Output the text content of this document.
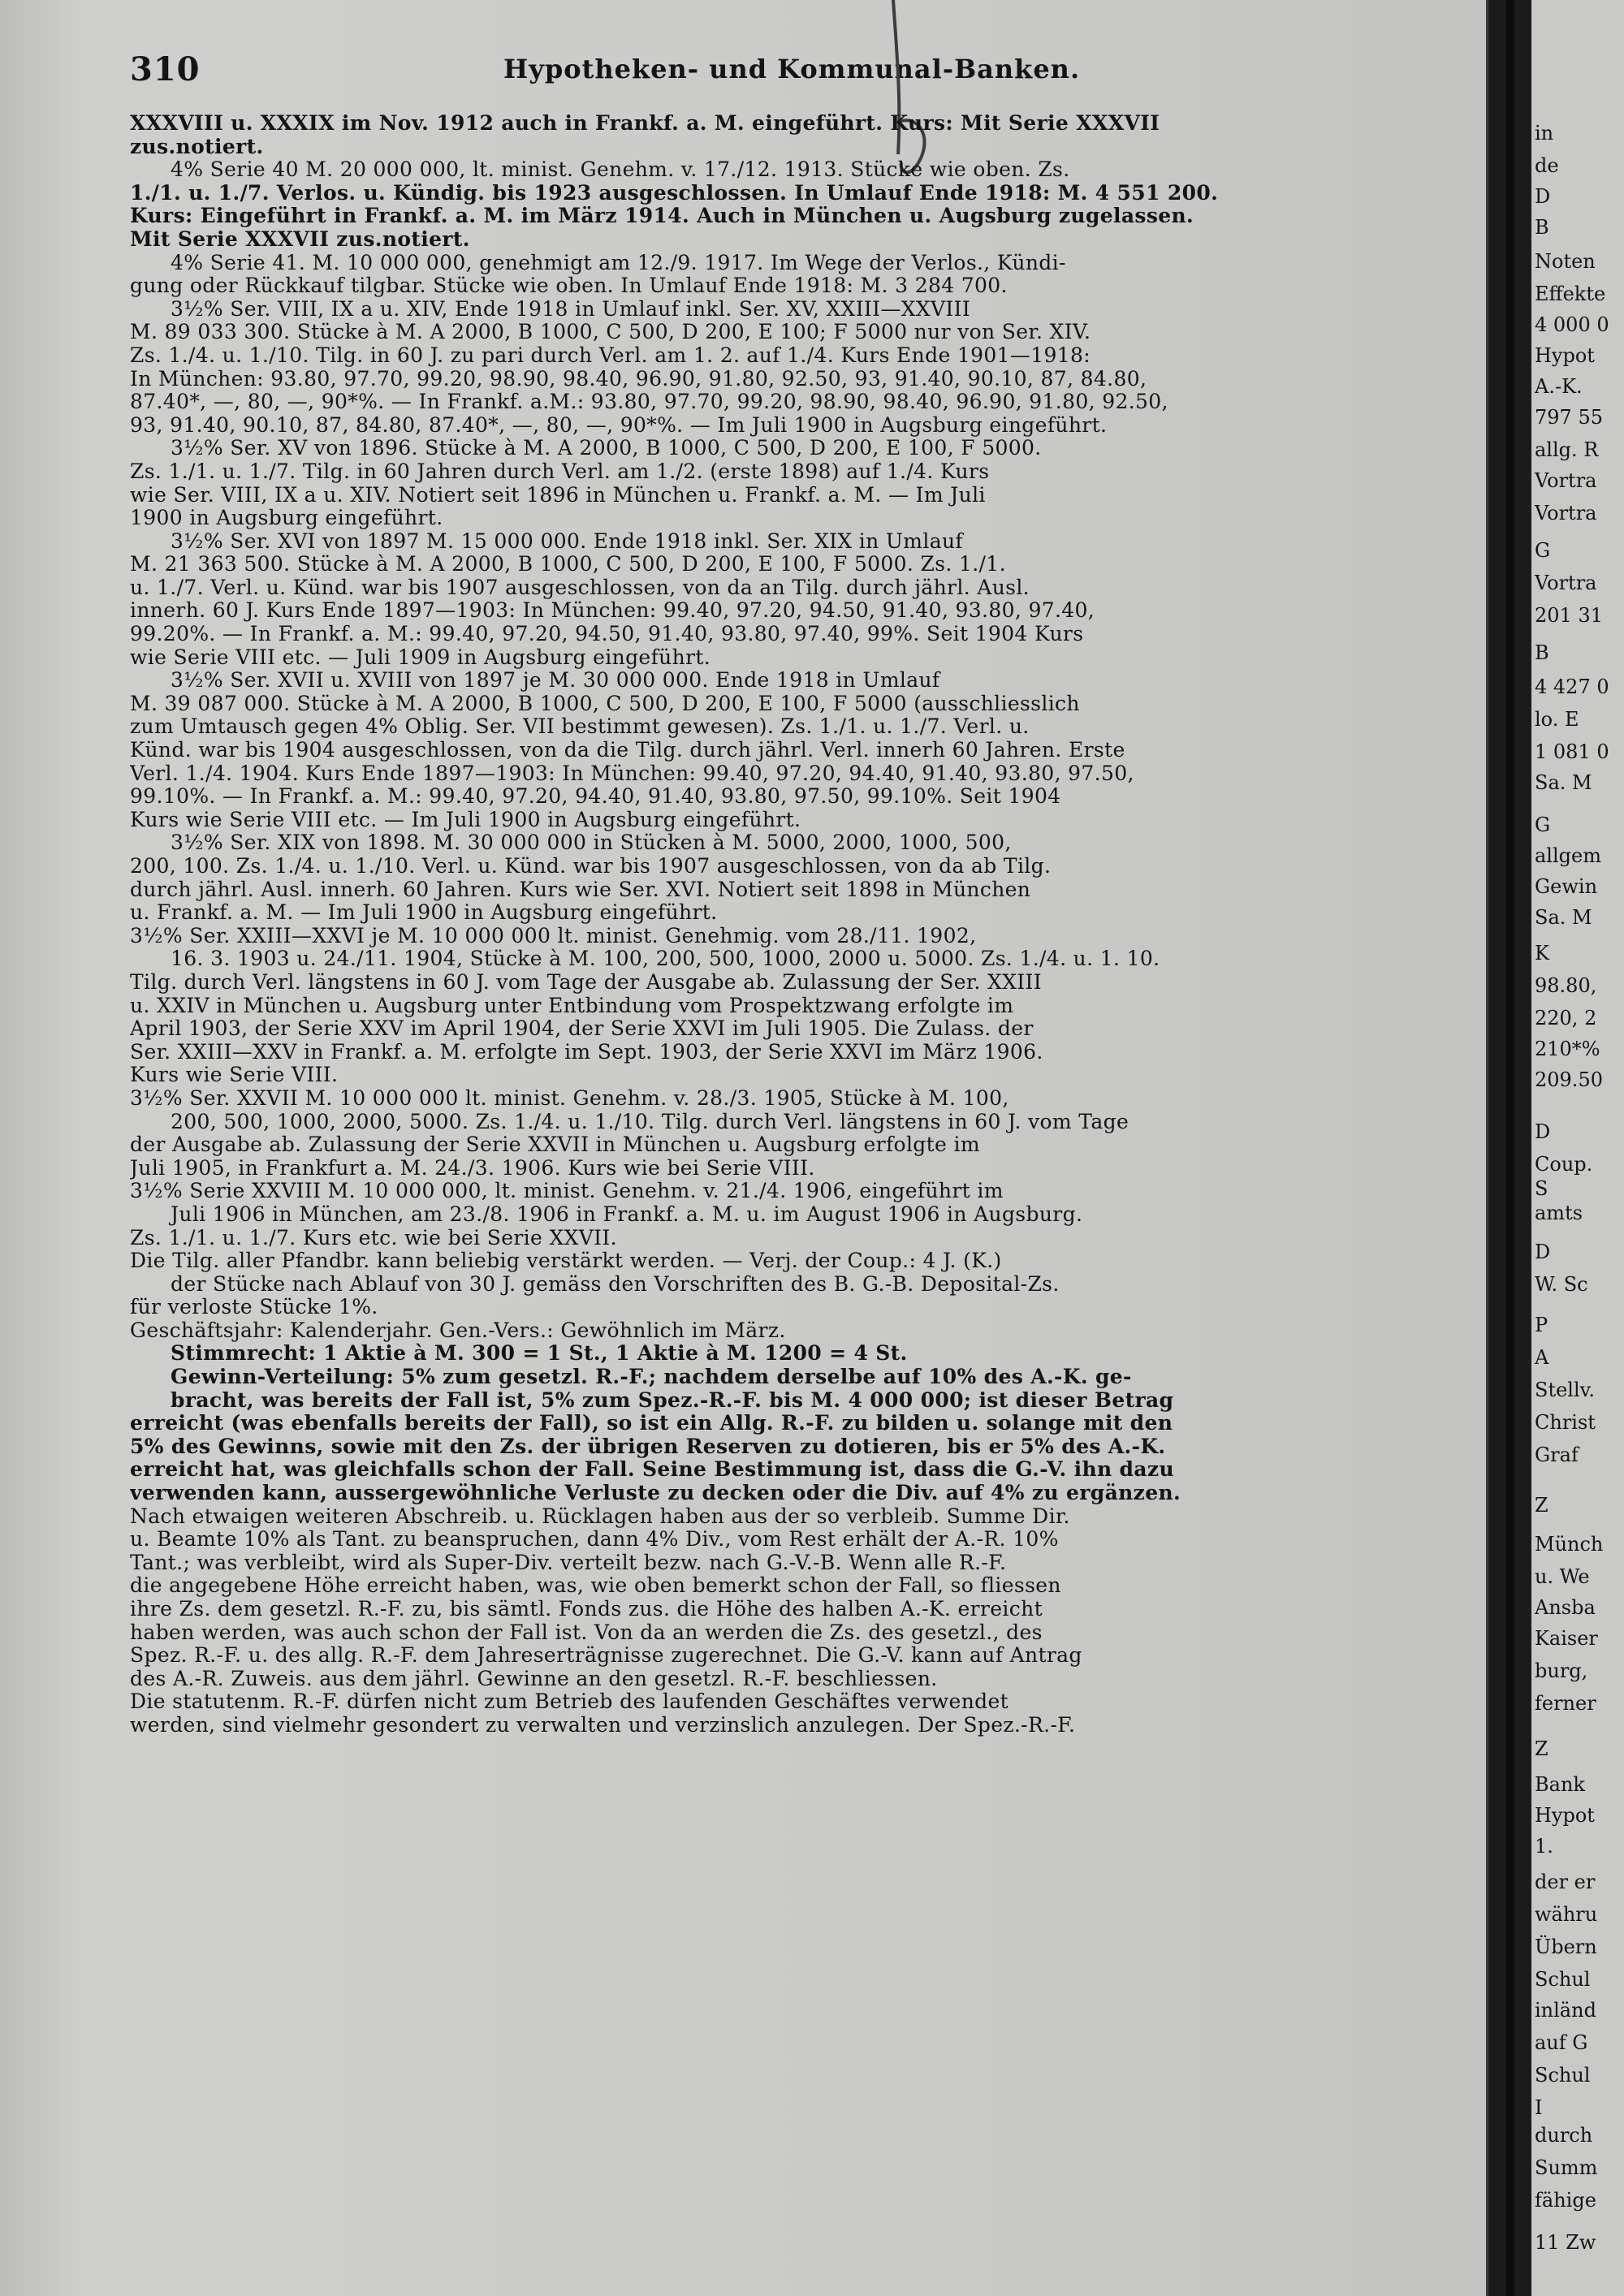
310	Hypotheken- und Kommunal-Banken.
XXXVIII u. XXXIX im Nov. 1912 auch in Frankf. a. M. eingeführt. Kurs: Mit Serie XXXVII
zus.notiert.
4% Serie 40 M. 20 000 000, lt. minist. Genehm. v. 17./12. 1913. Stücke wie oben. Zs.
1./1. u. 1./7. Verlos. u. Kündig. bis 1923 ausgeschlossen. In Umlauf Ende 1918: M. 4 551 200.
Kurs: Eingeführt in Frankf. a. M. im März 1914. Auch in München u. Augsburg zugelassen.
Mit Serie XXXVII zus.notiert.
4% Serie 41. M. 10 000 000, genehmigt am 12./9. 1917. Im Wege der Verlos., Kündi-
gung oder Rückkauf tilgbar. Stücke wie oben. In Umlauf Ende 1918: M. 3 284 700.
3½% Ser. VIII, IX a u. XIV, Ende 1918 in Umlauf inkl. Ser. XV, XXIII—XXVIII
M. 89 033 300. Stücke à M. A 2000, B 1000, C 500, D 200, E 100; F 5000 nur von Ser. XIV.
Zs. 1./4. u. 1./10. Tilg. in 60 J. zu pari durch Verl. am 1. 2. auf 1./4. Kurs Ende 1901—1918:
In München: 93.80, 97.70, 99.20, 98.90, 98.40, 96.90, 91.80, 92.50, 93, 91.40, 90.10, 87, 84.80,
87.40*, —, 80, —, 90*%. — In Frankf. a.M.: 93.80, 97.70, 99.20, 98.90, 98.40, 96.90, 91.80, 92.50,
93, 91.40, 90.10, 87, 84.80, 87.40*, —, 80, —, 90*%. — Im Juli 1900 in Augsburg eingeführt.
3½% Ser. XV von 1896. Stücke à M. A 2000, B 1000, C 500, D 200, E 100, F 5000.
Zs. 1./1. u. 1./7. Tilg. in 60 Jahren durch Verl. am 1./2. (erste 1898) auf 1./4. Kurs
wie Ser. VIII, IX a u. XIV. Notiert seit 1896 in München u. Frankf. a. M. — Im Juli
1900 in Augsburg eingeführt.
3½% Ser. XVI von 1897 M. 15 000 000. Ende 1918 inkl. Ser. XIX in Umlauf
M. 21 363 500. Stücke à M. A 2000, B 1000, C 500, D 200, E 100, F 5000. Zs. 1./1.
u. 1./7. Verl. u. Künd. war bis 1907 ausgeschlossen, von da an Tilg. durch jährl. Ausl.
innerh. 60 J. Kurs Ende 1897—1903: In München: 99.40, 97.20, 94.50, 91.40, 93.80, 97.40,
99.20%. — In Frankf. a. M.: 99.40, 97.20, 94.50, 91.40, 93.80, 97.40, 99%. Seit 1904 Kurs
wie Serie VIII etc. — Juli 1909 in Augsburg eingeführt.
3½% Ser. XVII u. XVIII von 1897 je M. 30 000 000. Ende 1918 in Umlauf
M. 39 087 000. Stücke à M. A 2000, B 1000, C 500, D 200, E 100, F 5000 (ausschliesslich
zum Umtausch gegen 4% Oblig. Ser. VII bestimmt gewesen). Zs. 1./1. u. 1./7. Verl. u.
Künd. war bis 1904 ausgeschlossen, von da die Tilg. durch jährl. Verl. innerh 60 Jahren. Erste
Verl. 1./4. 1904. Kurs Ende 1897—1903: In München: 99.40, 97.20, 94.40, 91.40, 93.80, 97.50,
99.10%. — In Frankf. a. M.: 99.40, 97.20, 94.40, 91.40, 93.80, 97.50, 99.10%. Seit 1904
Kurs wie Serie VIII etc. — Im Juli 1900 in Augsburg eingeführt.
3½% Ser. XIX von 1898. M. 30 000 000 in Stücken à M. 5000, 2000, 1000, 500,
200, 100. Zs. 1./4. u. 1./10. Verl. u. Künd. war bis 1907 ausgeschlossen, von da ab Tilg.
durch jährl. Ausl. innerh. 60 Jahren. Kurs wie Ser. XVI. Notiert seit 1898 in München
u. Frankf. a. M. — Im Juli 1900 in Augsburg eingeführt.
3½% Ser. XXIII—XXVI je M. 10 000 000 lt. minist. Genehmig. vom 28./11. 1902,
16. 3. 1903 u. 24./11. 1904, Stücke à M. 100, 200, 500, 1000, 2000 u. 5000. Zs. 1./4. u. 1. 10.
Tilg. durch Verl. längstens in 60 J. vom Tage der Ausgabe ab. Zulassung der Ser. XXIII
u. XXIV in München u. Augsburg unter Entbindung vom Prospektzwang erfolgte im
April 1903, der Serie XXV im April 1904, der Serie XXVI im Juli 1905. Die Zulass. der
Ser. XXIII—XXV in Frankf. a. M. erfolgte im Sept. 1903, der Serie XXVI im März 1906.
Kurs wie Serie VIII.
3½% Ser. XXVII M. 10 000 000 lt. minist. Genehm. v. 28./3. 1905, Stücke à M. 100,
200, 500, 1000, 2000, 5000. Zs. 1./4. u. 1./10. Tilg. durch Verl. längstens in 60 J. vom Tage
der Ausgabe ab. Zulassung der Serie XXVII in München u. Augsburg erfolgte im
Juli 1905, in Frankfurt a. M. 24./3. 1906. Kurs wie bei Serie VIII.
3½% Serie XXVIII M. 10 000 000, lt. minist. Genehm. v. 21./4. 1906, eingeführt im
Juli 1906 in München, am 23./8. 1906 in Frankf. a. M. u. im August 1906 in Augsburg.
Zs. 1./1. u. 1./7. Kurs etc. wie bei Serie XXVII.
Die Tilg. aller Pfandbr. kann beliebig verstärkt werden. — Verj. der Coup.: 4 J. (K.)
der Stücke nach Ablauf von 30 J. gemäss den Vorschriften des B. G.-B. Deposital-Zs.
für verloste Stücke 1%.
Geschäftsjahr: Kalenderjahr. Gen.-Vers.: Gewöhnlich im März.
Stimmrecht: 1 Aktie à M. 300 = 1 St., 1 Aktie à M. 1200 = 4 St.
Gewinn-Verteilung: 5% zum gesetzl. R.-F.; nachdem derselbe auf 10% des A.-K. ge-
bracht, was bereits der Fall ist, 5% zum Spez.-R.-F. bis M. 4 000 000; ist dieser Betrag
erreicht (was ebenfalls bereits der Fall), so ist ein Allg. R.-F. zu bilden u. solange mit den
5% des Gewinns, sowie mit den Zs. der übrigen Reserven zu dotieren, bis er 5% des A.-K.
erreicht hat, was gleichfalls schon der Fall. Seine Bestimmung ist, dass die G.-V. ihn dazu
verwenden kann, aussergewöhnliche Verluste zu decken oder die Div. auf 4% zu ergänzen.
Nach etwaigen weiteren Abschreib. u. Rücklagen haben aus der so verbleib. Summe Dir.
u. Beamte 10% als Tant. zu beanspruchen, dann 4% Div., vom Rest erhält der A.-R. 10%
Tant.; was verbleibt, wird als Super-Div. verteilt bezw. nach G.-V.-B. Wenn alle R.-F.
die angegebene Höhe erreicht haben, was, wie oben bemerkt schon der Fall, so fliessen
ihre Zs. dem gesetzl. R.-F. zu, bis sämtl. Fonds zus. die Höhe des halben A.-K. erreicht
haben werden, was auch schon der Fall ist. Von da an werden die Zs. des gesetzl., des
Spez. R.-F. u. des allg. R.-F. dem Jahreserträgnisse zugerechnet. Die G.-V. kann auf Antrag
des A.-R. Zuweis. aus dem jährl. Gewinne an den gesetzl. R.-F. beschliessen.
Die statutenm. R.-F. dürfen nicht zum Betrieb des laufenden Geschäftes verwendet
werden, sind vielmehr gesondert zu verwalten und verzinslich anzulegen. Der Spez.-R.-F.
in
de
D
B
Noten
Effekte
4 000 0
Hypot
A.-K.
797 55
allg. R
Vortra
Vortra
G
Vortra
201 31
B
4 427 0
lo. E
1 081 0
Sa. M
G
allgem
Gewin
Sa. M
K
98.80,
220, 2
210*%
209.50
D
Coup.
S
amts
D
W. Sc
P
A
Stellv.
Christ
Graf
Z
Münch
u. We
Ansba
Kaiser
burg,
ferner
Z
Bank
Hypot
1.
der er
währu
Übern
Schul
inländ
auf G
Schul
I
durch
Summ
fähige
11 Zw
